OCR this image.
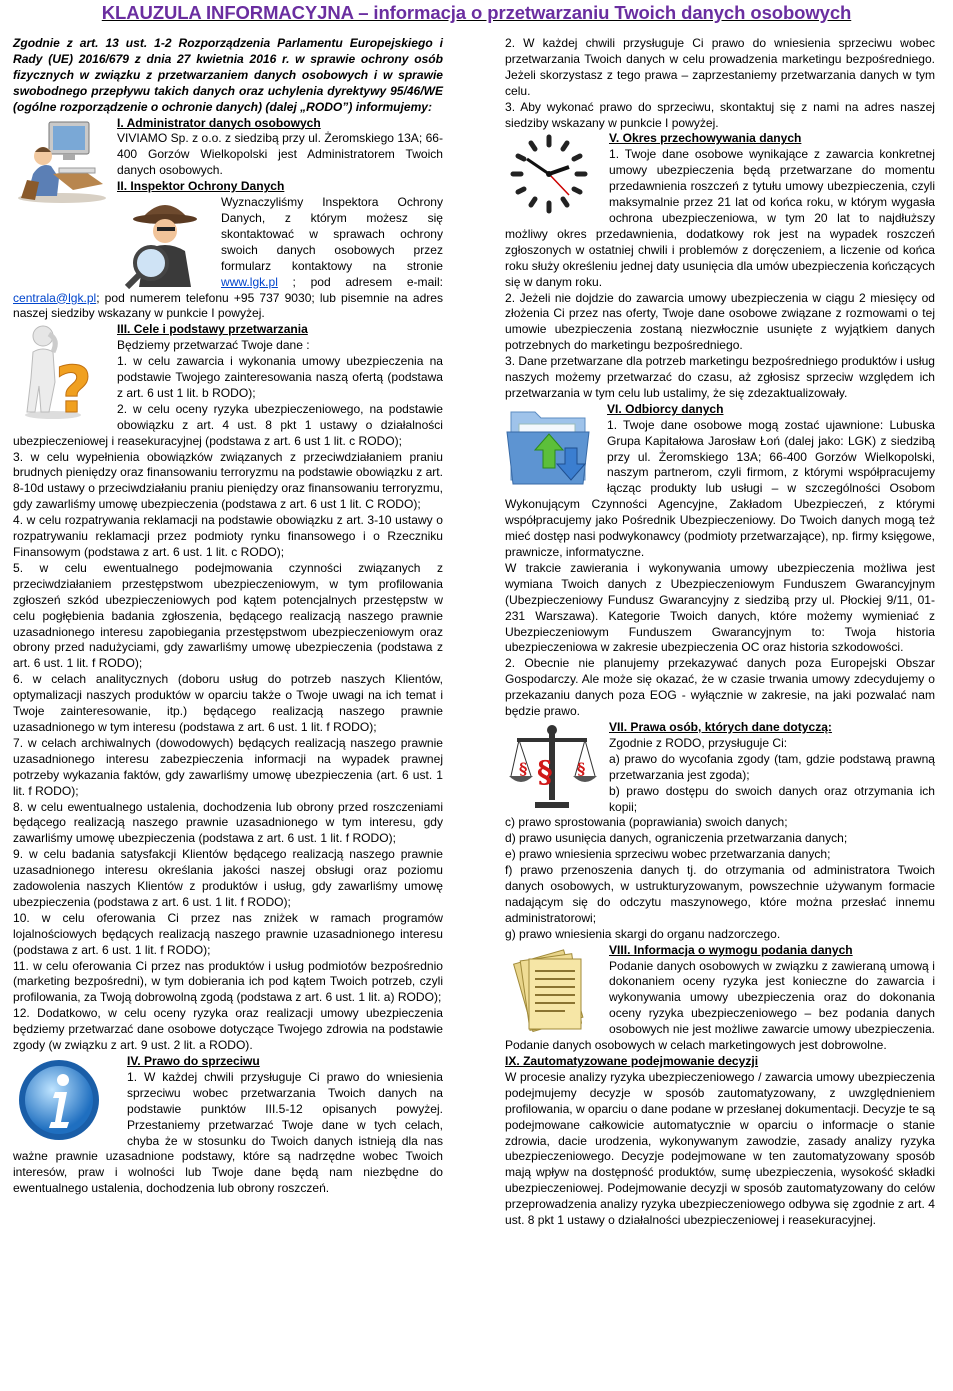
KLAUZULA INFORMACYJNA – informacja o przetwarzaniu Twoich danych osobowych

Zgodnie z art. 13 ust. 1-2 Rozporządzenia Parlamentu Europejskiego i Rady (UE) 2016/679 z dnia 27 kwietnia 2016 r. w sprawie ochrony osób fizycznych w związku z przetwarzaniem danych osobowych i w sprawie swobodnego przepływu takich danych oraz uchylenia dyrektywy 95/46/WE (ogólne rozporządzenie o ochronie danych) (dalej „RODO”) informujemy:

I. Administrator danych osobowych

VIVIAMO Sp. z o.o. z siedzibą przy ul. Żeromskiego 13A; 66-400 Gorzów Wielkopolski jest Administratorem Twoich danych osobowych.

II. Inspektor Ochrony Danych

Wyznaczyliśmy Inspektora Ochrony Danych, z którym możesz się skontaktować w sprawach ochrony swoich danych osobowych przez formularz kontaktowy na stronie www.lgk.pl ; pod adresem e-mail: centrala@lgk.pl; pod numerem telefonu +95 737 9030; lub pisemnie na adres naszej siedziby wskazany w punkcie I powyżej.

?

III. Cele i podstawy przetwarzania

Będziemy przetwarzać Twoje dane :

1. w celu zawarcia i wykonania umowy ubezpieczenia na podstawie Twojego zainteresowania naszą ofertą (podstawa z art. 6 ust 1 lit. b RODO);

2. w celu oceny ryzyka ubezpieczeniowego, na podstawie obowiązku z art. 4 ust. 8 pkt 1 ustawy o działalności ubezpieczeniowej i reasekuracyjnej (podstawa z art. 6 ust 1 lit. c RODO);

3. w celu wypełnienia obowiązków związanych z przeciwdziałaniem praniu brudnych pieniędzy oraz finansowaniu terroryzmu na podstawie obowiązku z art. 8-10d ustawy o przeciwdziałaniu praniu pieniędzy oraz finansowaniu terroryzmu, gdy zawarliśmy umowę ubezpieczenia (podstawa z art. 6 ust 1 lit. C RODO);

4. w celu rozpatrywania reklamacji na podstawie obowiązku z art. 3-10 ustawy o rozpatrywaniu reklamacji przez podmioty rynku finansowego i o Rzeczniku Finansowym (podstawa z art. 6 ust. 1 lit. c RODO);

5. w celu ewentualnego podejmowania czynności związanych z przeciwdziałaniem przestępstwom ubezpieczeniowym, w tym profilowania zgłoszeń szkód ubezpieczeniowych pod kątem potencjalnych przestępstw w celu pogłębienia badania zgłoszenia, będącego realizacją naszego prawnie uzasadnionego interesu zapobiegania przestępstwom ubezpieczeniowym oraz obrony przed nadużyciami, gdy zawarliśmy umowę ubezpieczenia (podstawa z art. 6 ust. 1 lit. f RODO);

6. w celach analitycznych (doboru usług do potrzeb naszych Klientów, optymalizacji naszych produktów w oparciu także o Twoje uwagi na ich temat i Twoje zainteresowanie, itp.) będącego realizacją naszego prawnie uzasadnionego w tym interesu (podstawa z art. 6 ust. 1 lit. f RODO);

7. w celach archiwalnych (dowodowych) będących realizacją naszego prawnie uzasadnionego interesu zabezpieczenia informacji na wypadek prawnej potrzeby wykazania faktów, gdy zawarliśmy umowę ubezpieczenia (art. 6 ust. 1 lit. f RODO);

8. w celu ewentualnego ustalenia, dochodzenia lub obrony przed roszczeniami będącego realizacją naszego prawnie uzasadnionego w tym interesu, gdy zawarliśmy umowę ubezpieczenia (podstawa z art. 6 ust. 1 lit. f RODO);

9. w celu badania satysfakcji Klientów będącego realizacją naszego prawnie uzasadnionego interesu określania jakości naszej obsługi oraz poziomu zadowolenia naszych Klientów z produktów i usług, gdy zawarliśmy umowę ubezpieczenia (podstawa z art. 6 ust. 1 lit. f RODO);

10. w celu oferowania Ci przez nas zniżek w ramach programów lojalnościowych będących realizacją naszego prawnie uzasadnionego interesu (podstawa z art. 6 ust. 1 lit. f RODO);

11. w celu oferowania Ci przez nas produktów i usług podmiotów bezpośrednio (marketing bezpośredni), w tym dobierania ich pod kątem Twoich potrzeb, czyli profilowania, za Twoją dobrowolną zgodą (podstawa z art. 6 ust. 1 lit. a) RODO);

12. Dodatkowo, w celu oceny ryzyka oraz realizacji umowy ubezpieczenia będziemy przetwarzać dane osobowe dotyczące Twojego zdrowia na podstawie zgody (w związku z art. 9 ust. 2 lit. a RODO).

IV. Prawo do sprzeciwu

1. W każdej chwili przysługuje Ci prawo do wniesienia sprzeciwu wobec przetwarzania Twoich danych na podstawie punktów III.5-12 opisanych powyżej. Przestaniemy przetwarzać Twoje dane w tych celach, chyba że w stosunku do Twoich danych istnieją dla nas ważne prawnie uzasadnione podstawy, które są nadrzędne wobec Twoich interesów, praw i wolności lub Twoje dane będą nam niezbędne do ewentualnego ustalenia, dochodzenia lub obrony roszczeń.

2. W każdej chwili przysługuje Ci prawo do wniesienia sprzeciwu wobec przetwarzania Twoich danych w celu prowadzenia marketingu bezpośredniego. Jeżeli skorzystasz z tego prawa – zaprzestaniemy przetwarzania danych w tym celu.

3. Aby wykonać prawo do sprzeciwu, skontaktuj się z nami na adres naszej siedziby wskazany w punkcie I powyżej.

V. Okres przechowywania danych

1. Twoje dane osobowe wynikające z zawarcia konkretnej umowy ubezpieczenia będą przetwarzane do momentu przedawnienia roszczeń z tytułu umowy ubezpieczenia, czyli maksymalnie przez 21 lat od końca roku, w którym wygasła ochrona ubezpieczeniowa, w tym 20 lat to najdłuższy możliwy okres przedawnienia, dodatkowy rok jest na wypadek roszczeń zgłoszonych w ostatniej chwili i problemów z doręczeniem, a liczenie od końca roku służy określeniu jednej daty usunięcia dla umów ubezpieczenia kończących się w danym roku.

2. Jeżeli nie dojdzie do zawarcia umowy ubezpieczenia w ciągu 2 miesięcy od złożenia Ci przez nas oferty, Twoje dane osobowe związane z rozmowami o tej umowie ubezpieczenia zostaną niezwłocznie usunięte z wyjątkiem danych potrzebnych do marketingu bezpośredniego.

3. Dane przetwarzane dla potrzeb marketingu bezpośredniego produktów i usług naszych możemy przetwarzać do czasu, aż zgłosisz sprzeciw względem ich przetwarzania w tym celu lub ustalimy, że się zdezaktualizowały.

VI. Odbiorcy danych

1. Twoje dane osobowe mogą zostać ujawnione: Lubuska Grupa Kapitałowa Jarosław Łoń (dalej jako: LGK) z siedzibą przy ul. Żeromskiego 13A; 66-400 Gorzów Wielkopolski, naszym partnerom, czyli firmom, z którymi współpracujemy łącząc produkty lub usługi – w szczególności Osobom Wykonującym Czynności Agencyjne, Zakładom Ubezpieczeń, z którymi współpracujemy jako Pośrednik Ubezpieczeniowy. Do Twoich danych mogą też mieć dostęp nasi podwykonawcy (podmioty przetwarzające), np. firmy księgowe, prawnicze, informatyczne.

W trakcie zawierania i wykonywania umowy ubezpieczenia możliwa jest wymiana Twoich danych z Ubezpieczeniowym Funduszem Gwarancyjnym (Ubezpieczeniowy Fundusz Gwarancyjny z siedzibą przy ul. Płockiej 9/11, 01-231 Warszawa). Kategorie Twoich danych, które możemy wymieniać z Ubezpieczeniowym Funduszem Gwarancyjnym to: Twoja historia ubezpieczeniowa w zakresie ubezpieczenia OC oraz historia szkodowości.

2. Obecnie nie planujemy przekazywać danych poza Europejski Obszar Gospodarczy. Ale może się okazać, że w czasie trwania umowy zdecydujemy o przekazaniu danych poza EOG - wyłącznie w zakresie, na jaki pozwalać nam będzie prawo.

§
§	§

VII. Prawa osób, których dane dotyczą:

Zgodnie z RODO, przysługuje Ci:

a) prawo do wycofania zgody (tam, gdzie podstawą prawną przetwarzania jest zgoda);

b) prawo dostępu do swoich danych oraz otrzymania ich kopii;

c) prawo sprostowania (poprawiania) swoich danych;

d) prawo usunięcia danych, ograniczenia przetwarzania danych;

e) prawo wniesienia sprzeciwu wobec przetwarzania danych;

f) prawo przenoszenia danych tj. do otrzymania od administratora Twoich danych osobowych, w ustrukturyzowanym, powszechnie używanym formacie nadającym się do odczytu maszynowego, które można przesłać innemu administratorowi;

g) prawo wniesienia skargi do organu nadzorczego.

VIII. Informacja o wymogu podania danych

Podanie danych osobowych w związku z zawieraną umową i dokonaniem oceny ryzyka jest konieczne do zawarcia i wykonywania umowy ubezpieczenia oraz do dokonania oceny ryzyka ubezpieczeniowego – bez podania danych osobowych nie jest możliwe zawarcie umowy ubezpieczenia. Podanie danych osobowych w celach marketingowych jest dobrowolne.

IX. Zautomatyzowane podejmowanie decyzji

W procesie analizy ryzyka ubezpieczeniowego / zawarcia umowy ubezpieczenia podejmujemy decyzje w sposób zautomatyzowany, z uwzględnieniem profilowania, w oparciu o dane podane w przesłanej dokumentacji. Decyzje te są podejmowane całkowicie automatycznie w oparciu o informacje o stanie zdrowia, dacie urodzenia, wykonywanym zawodzie, zasady analizy ryzyka ubezpieczeniowego. Decyzje podejmowane w ten zautomatyzowany sposób mają wpływ na dostępność produktów, sumę ubezpieczenia, wysokość składki ubezpieczeniowej. Podejmowanie decyzji w sposób zautomatyzowany do celów przeprowadzenia analizy ryzyka ubezpieczeniowego odbywa się zgodnie z art. 4 ust. 8 pkt 1 ustawy o działalności ubezpieczeniowej i reasekuracyjnej.
